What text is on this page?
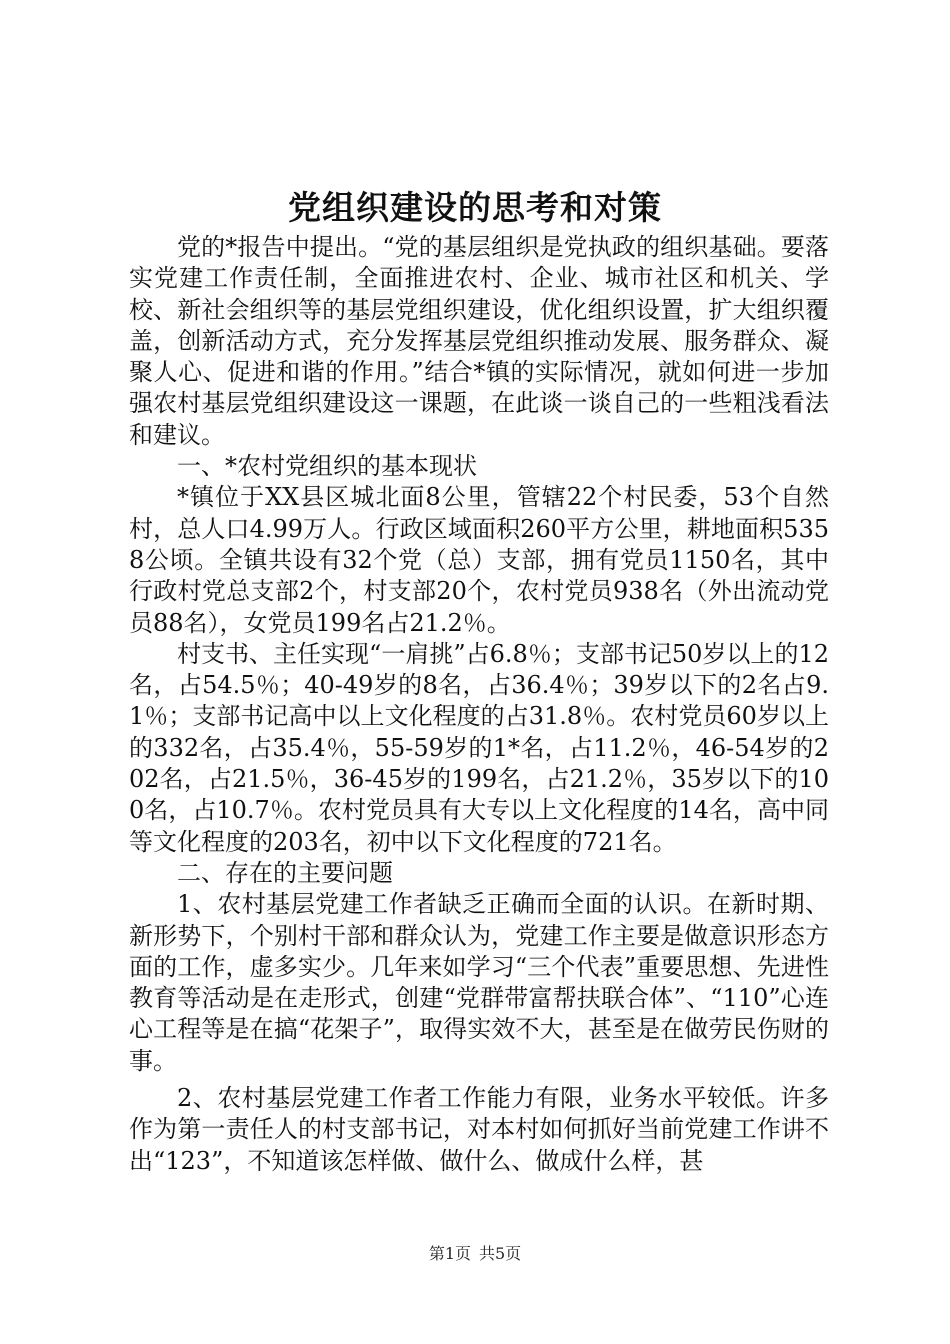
党组织建设的思考和对策

党的*报告中提出。“党的基层组织是党执政的组织基础。要落实党建工作责任制，全面推进农村、企业、城市社区和机关、学校、新社会组织等的基层党组织建设，优化组织设置，扩大组织覆盖，创新活动方式，充分发挥基层党组织推动发展、服务群众、凝聚人心、促进和谐的作用。”结合*镇的实际情况，就如何进一步加强农村基层党组织建设这一课题，在此谈一谈自己的一些粗浅看法和建议。

一、*农村党组织的基本现状

*镇位于XX县区城北面8公里，管辖22个村民委，53个自然村，总人口4.99万人。行政区域面积260平方公里，耕地面积5358公顷。全镇共设有32个党（总）支部，拥有党员1150名，其中行政村党总支部2个，村支部20个，农村党员938名（外出流动党员88名），女党员199名占21.2％。

村支书、主任实现“一肩挑”占6.8％；支部书记50岁以上的12名，占54.5％；40-49岁的8名，占36.4％；39岁以下的2名占9.1％；支部书记高中以上文化程度的占31.8％。农村党员60岁以上的332名，占35.4％，55-59岁的1*名，占11.2％，46-54岁的202名，占21.5％，36-45岁的199名，占21.2％，35岁以下的100名，占10.7％。农村党员具有大专以上文化程度的14名，高中同等文化程度的203名，初中以下文化程度的721名。

二、存在的主要问题

1、农村基层党建工作者缺乏正确而全面的认识。在新时期、新形势下，个别村干部和群众认为，党建工作主要是做意识形态方面的工作，虚多实少。几年来如学习“三个代表”重要思想、先进性教育等活动是在走形式，创建“党群带富帮扶联合体”、“110”心连心工程等是在搞“花架子”，取得实效不大，甚至是在做劳民伤财的事。

2、农村基层党建工作者工作能力有限，业务水平较低。许多作为第一责任人的村支部书记，对本村如何抓好当前党建工作讲不出“123”，不知道该怎样做、做什么、做成什么样，甚

第1页 共5页
